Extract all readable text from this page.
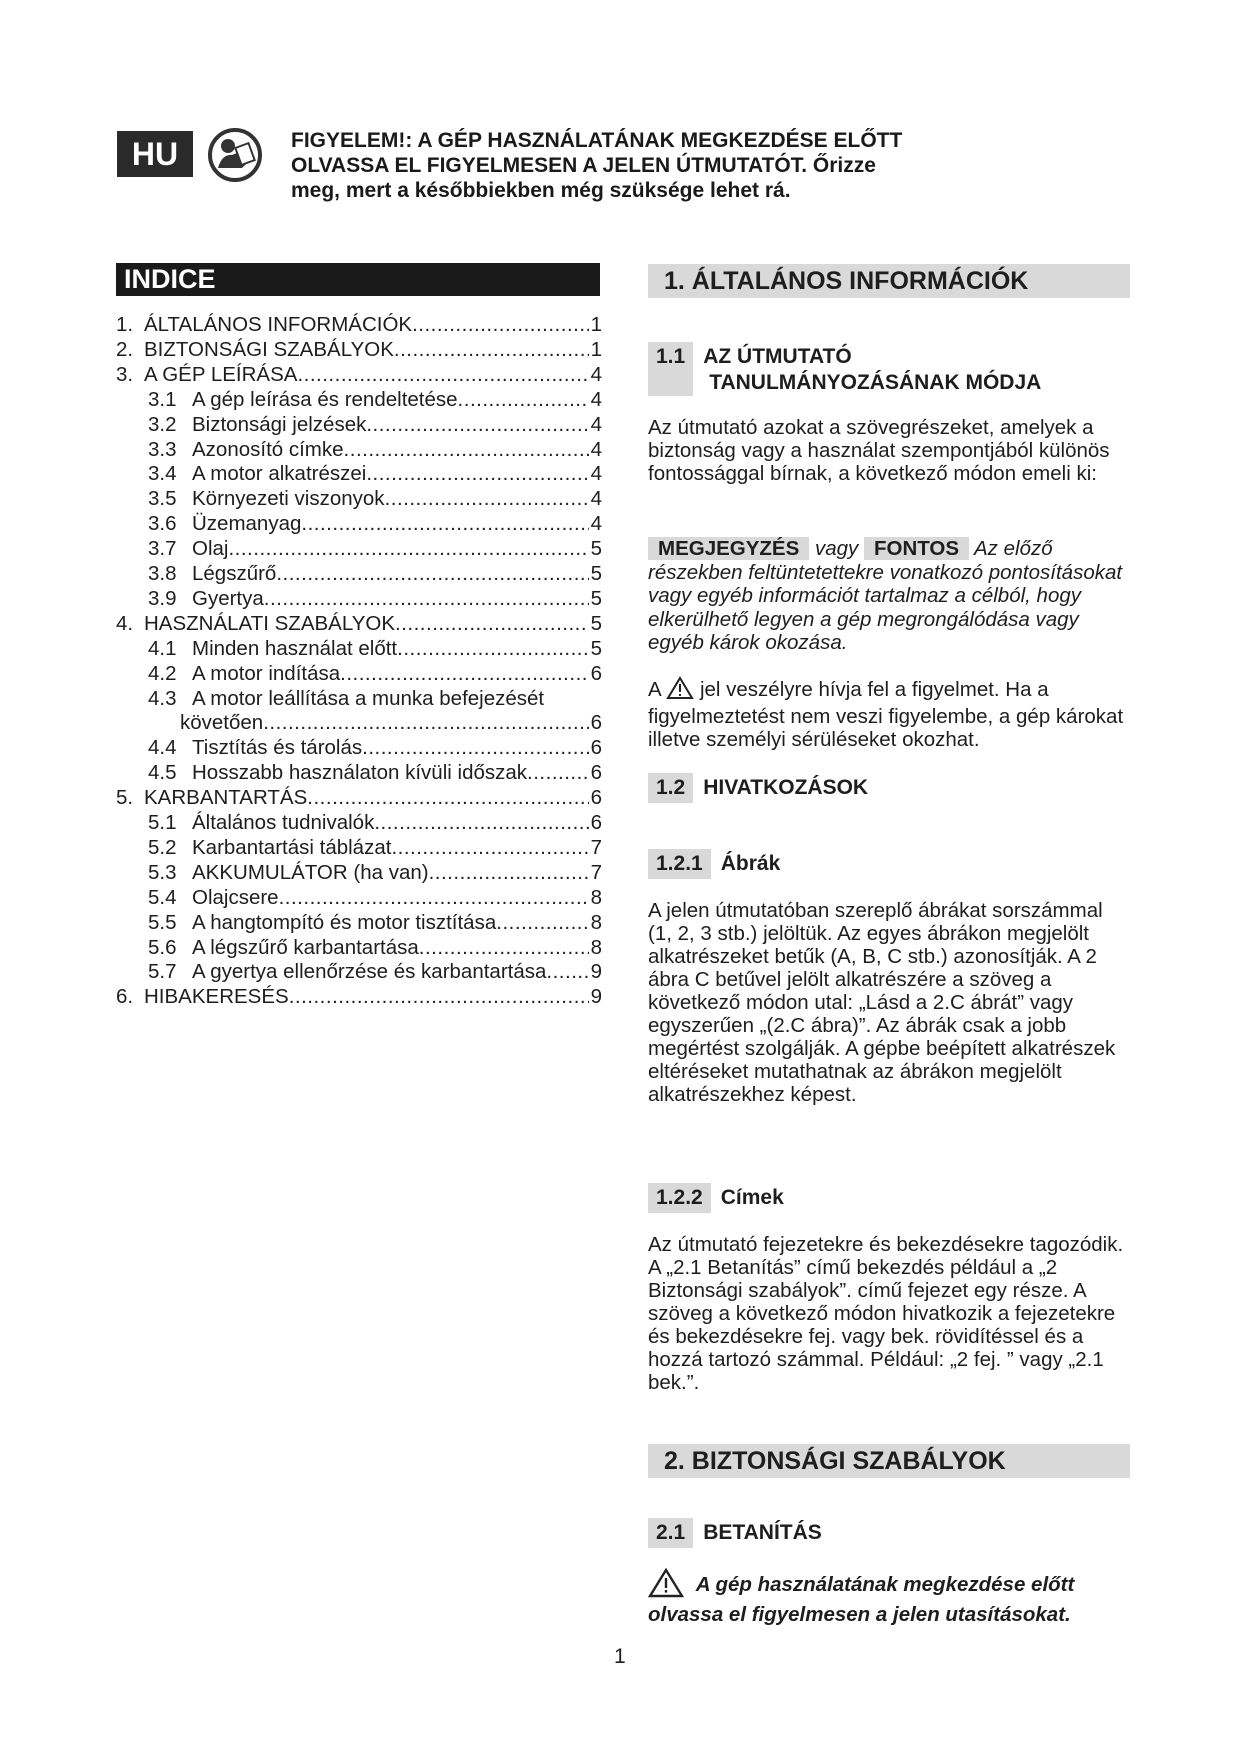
HU	FIGYELEM!: A GÉP HASZNÁLATÁNAK MEGKEZDÉSE ELŐTT
OLVASSA EL FIGYELMESEN A JELEN ÚTMUTATÓT. Őrizze
meg, mert a későbbiekben még szüksége lehet rá.
INDICE
1. ÁLTALÁNOS INFORMÁCIÓK .....	1
2. BIZTONSÁGI SZABÁLYOK .....	1
3. A GÉP LEÍRÁSA .....	4
3.1 A gép leírása és rendeltetése .....	4
3.2 Biztonsági jelzések .....	4
3.3 Azonosító címke .....	4
3.4 A motor alkatrészei .....	4
3.5 Környezeti viszonyok .....	4
3.6 Üzemanyag .....	4
3.7 Olaj .....	5
3.8 Légszűrő .....	5
3.9 Gyertya .....	5
4. HASZNÁLATI SZABÁLYOK .....	5
4.1 Minden használat előtt .....	5
4.2 A motor indítása .....	6
4.3 A motor leállítása a munka befejezését
követően .....	6
4.4 Tisztítás és tárolás .....	6
4.5 Hosszabb használaton kívüli időszak .....	6
5. KARBANTARTÁS .....	6
5.1 Általános tudnivalók .....	6
5.2 Karbantartási táblázat .....	7
5.3 AKKUMULÁTOR (ha van) .....	7
5.4 Olajcsere .....	8
5.5 A hangtompító és motor tisztítása .....	8
5.6 A légszűrő karbantartása .....	8
5.7 A gyertya ellenőrzése és karbantartása ..... 9
6. HIBAKERESÉS .....	9
1. ÁLTALÁNOS INFORMÁCIÓK
1.1 AZ ÚTMUTATÓ
TANULMÁNYOZÁSÁNAK MÓDJA
Az útmutató azokat a szövegrészeket, amelyek a biztonság vagy a használat szempontjából különös fontossággal bírnak, a következő módon emeli ki:
MEGJEGYZÉS vagy FONTOS Az előző részekben feltüntetettekre vonatkozó pontosításokat vagy egyéb információt tartalmaz a célból, hogy elkerülhető legyen a gép megrongálódása vagy egyéb károk okozása.
A jel veszélyre hívja fel a figyelmet. Ha a figyelmeztetést nem veszi figyelembe, a gép károkat illetve személyi sérüléseket okozhat.
1.2 HIVATKOZÁSOK
1.2.1 Ábrák
A jelen útmutatóban szereplő ábrákat sorszámmal (1, 2, 3 stb.) jelöltük. Az egyes ábrákon megjelölt alkatrészeket betűk (A, B, C stb.) azonosítják. A 2 ábra C betűvel jelölt alkatrészére a szöveg a következő módon utal: „Lásd a 2.C ábrát” vagy egyszerűen „(2.C ábra)”. Az ábrák csak a jobb megértést szolgálják. A gépbe beépített alkatrészek eltéréseket mutathatnak az ábrákon megjelölt alkatrészekhez képest.
1.2.2 Címek
Az útmutató fejezetekre és bekezdésekre tagozódik. A „2.1 Betanítás” című bekezdés például a „2 Biztonsági szabályok”. című fejezet egy része. A szöveg a következő módon hivatkozik a fejezetekre és bekezdésekre fej. vagy bek. rövidítéssel és a hozzá tartozó számmal. Például: „2 fej. ” vagy „2.1 bek.”.
2. BIZTONSÁGI SZABÁLYOK
2.1 BETANÍTÁS
A gép használatának megkezdése előtt olvassa el figyelmesen a jelen utasításokat.
1
